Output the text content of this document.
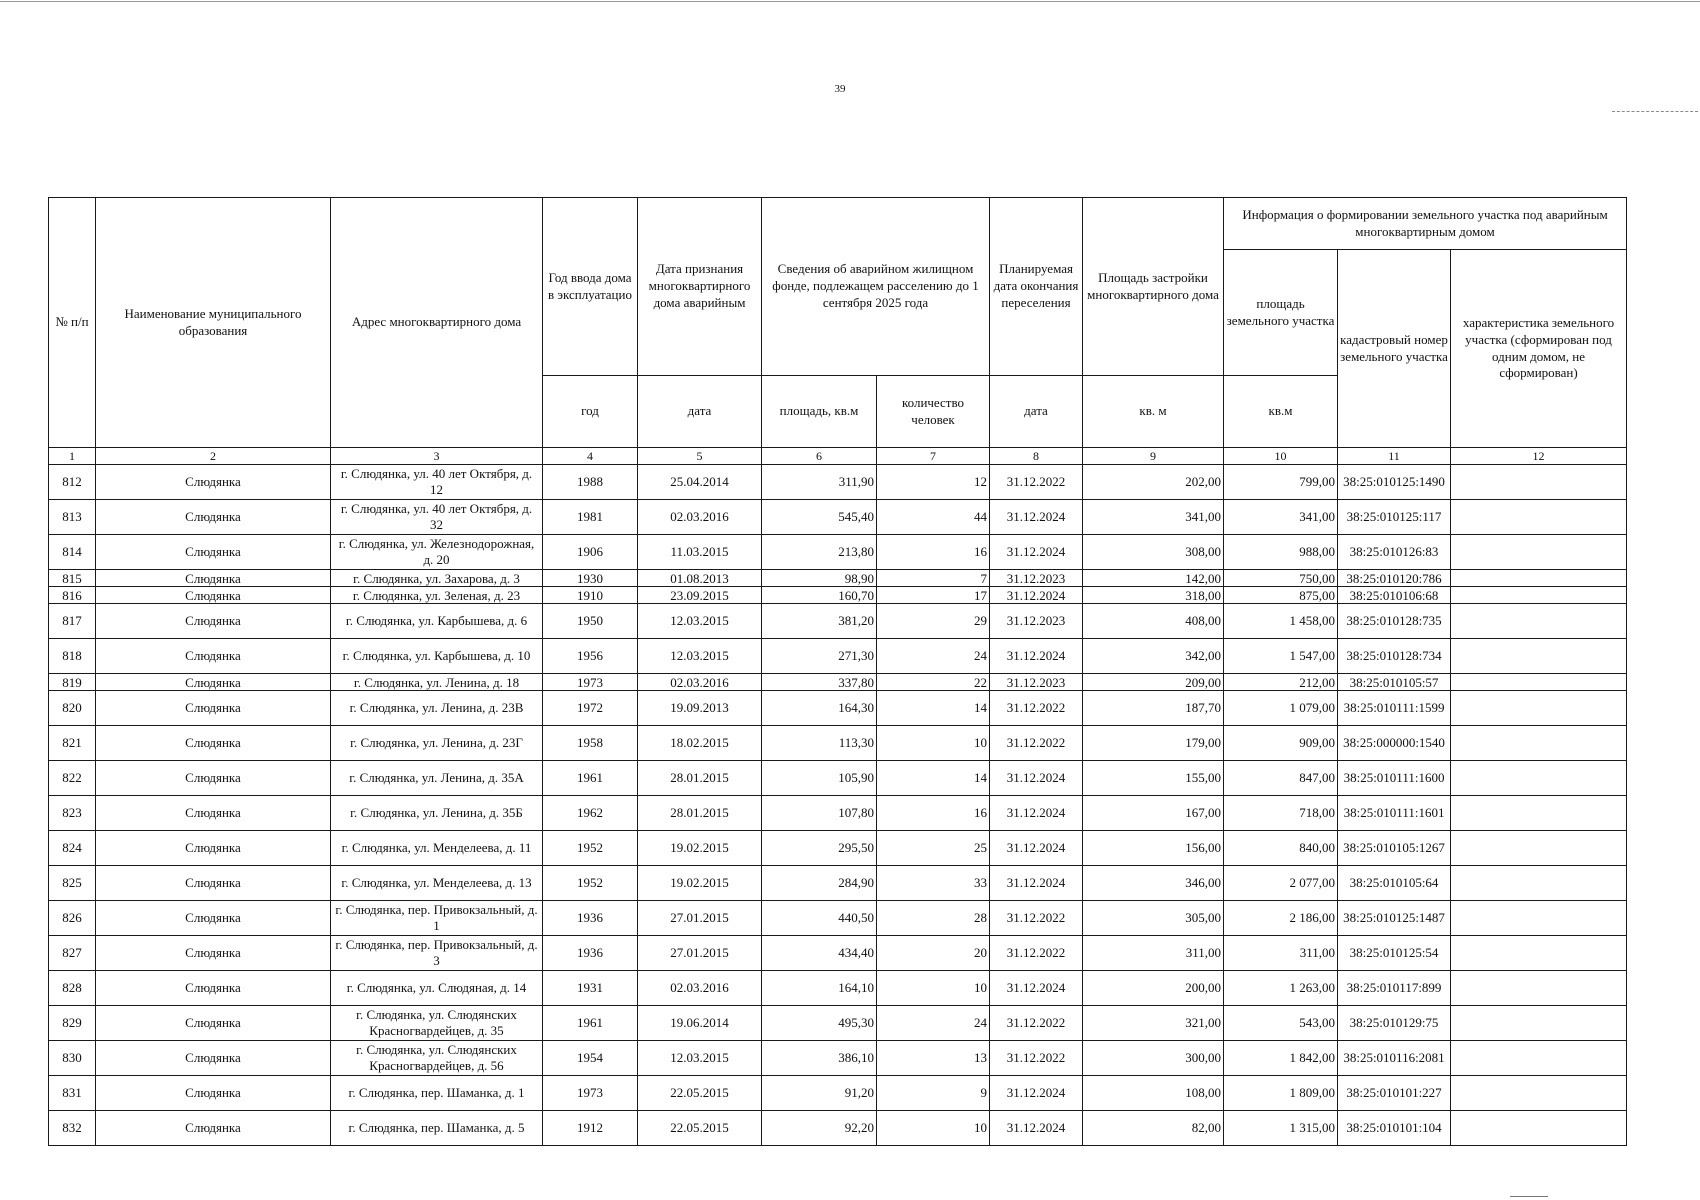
39
№ п/п	Наименование муниципального образования	Адрес многоквартирного дома	Год ввода дома в эксплуатацио	Дата признания многоквартирного дома аварийным	Сведения об аварийном жилищном фонде, подлежащем расселению до 1 сентября 2025 года		Планируемая дата окончания переселения	Площадь застройки многоквартирного дома	Информация о формировании земельного участка под аварийным многоквартирным домом		
									площадь земельного участка	кадастровый номер земельного участка	характеристика земельного участка (сформирован под одним домом, не сформирован)
			год	дата	площадь, кв.м	количество человек	дата	кв. м	кв.м		
1	2	3	4	5	6	7	8	9	10	11	12
812	Слюдянка	г. Слюдянка, ул. 40 лет Октября, д. 12	1988	25.04.2014	311,90	12	31.12.2022	202,00	799,00	38:25:010125:1490	
813	Слюдянка	г. Слюдянка, ул. 40 лет Октября, д. 32	1981	02.03.2016	545,40	44	31.12.2024	341,00	341,00	38:25:010125:117	
814	Слюдянка	г. Слюдянка, ул. Железнодорожная, д. 20	1906	11.03.2015	213,80	16	31.12.2024	308,00	988,00	38:25:010126:83	
815	Слюдянка	г. Слюдянка, ул. Захарова, д. 3	1930	01.08.2013	98,90	7	31.12.2023	142,00	750,00	38:25:010120:786	
816	Слюдянка	г. Слюдянка, ул. Зеленая, д. 23	1910	23.09.2015	160,70	17	31.12.2024	318,00	875,00	38:25:010106:68	
817	Слюдянка	г. Слюдянка, ул. Карбышева, д. 6	1950	12.03.2015	381,20	29	31.12.2023	408,00	1 458,00	38:25:010128:735	
818	Слюдянка	г. Слюдянка, ул. Карбышева, д. 10	1956	12.03.2015	271,30	24	31.12.2024	342,00	1 547,00	38:25:010128:734	
819	Слюдянка	г. Слюдянка, ул. Ленина, д. 18	1973	02.03.2016	337,80	22	31.12.2023	209,00	212,00	38:25:010105:57	
820	Слюдянка	г. Слюдянка, ул. Ленина, д. 23В	1972	19.09.2013	164,30	14	31.12.2022	187,70	1 079,00	38:25:010111:1599	
821	Слюдянка	г. Слюдянка, ул. Ленина, д. 23Г	1958	18.02.2015	113,30	10	31.12.2022	179,00	909,00	38:25:000000:1540	
822	Слюдянка	г. Слюдянка, ул. Ленина, д. 35А	1961	28.01.2015	105,90	14	31.12.2024	155,00	847,00	38:25:010111:1600	
823	Слюдянка	г. Слюдянка, ул. Ленина, д. 35Б	1962	28.01.2015	107,80	16	31.12.2024	167,00	718,00	38:25:010111:1601	
824	Слюдянка	г. Слюдянка, ул. Менделеева, д. 11	1952	19.02.2015	295,50	25	31.12.2024	156,00	840,00	38:25:010105:1267	
825	Слюдянка	г. Слюдянка, ул. Менделеева, д. 13	1952	19.02.2015	284,90	33	31.12.2024	346,00	2 077,00	38:25:010105:64	
826	Слюдянка	г. Слюдянка, пер. Привокзальный, д. 1	1936	27.01.2015	440,50	28	31.12.2022	305,00	2 186,00	38:25:010125:1487	
827	Слюдянка	г. Слюдянка, пер. Привокзальный, д. 3	1936	27.01.2015	434,40	20	31.12.2022	311,00	311,00	38:25:010125:54	
828	Слюдянка	г. Слюдянка, ул. Слюдяная, д. 14	1931	02.03.2016	164,10	10	31.12.2024	200,00	1 263,00	38:25:010117:899	
829	Слюдянка	г. Слюдянка, ул. Слюдянских Красногвардейцев, д. 35	1961	19.06.2014	495,30	24	31.12.2022	321,00	543,00	38:25:010129:75	
830	Слюдянка	г. Слюдянка, ул. Слюдянских Красногвардейцев, д. 56	1954	12.03.2015	386,10	13	31.12.2022	300,00	1 842,00	38:25:010116:2081	
831	Слюдянка	г. Слюдянка, пер. Шаманка, д. 1	1973	22.05.2015	91,20	9	31.12.2024	108,00	1 809,00	38:25:010101:227	
832	Слюдянка	г. Слюдянка, пер. Шаманка, д. 5	1912	22.05.2015	92,20	10	31.12.2024	82,00	1 315,00	38:25:010101:104	
